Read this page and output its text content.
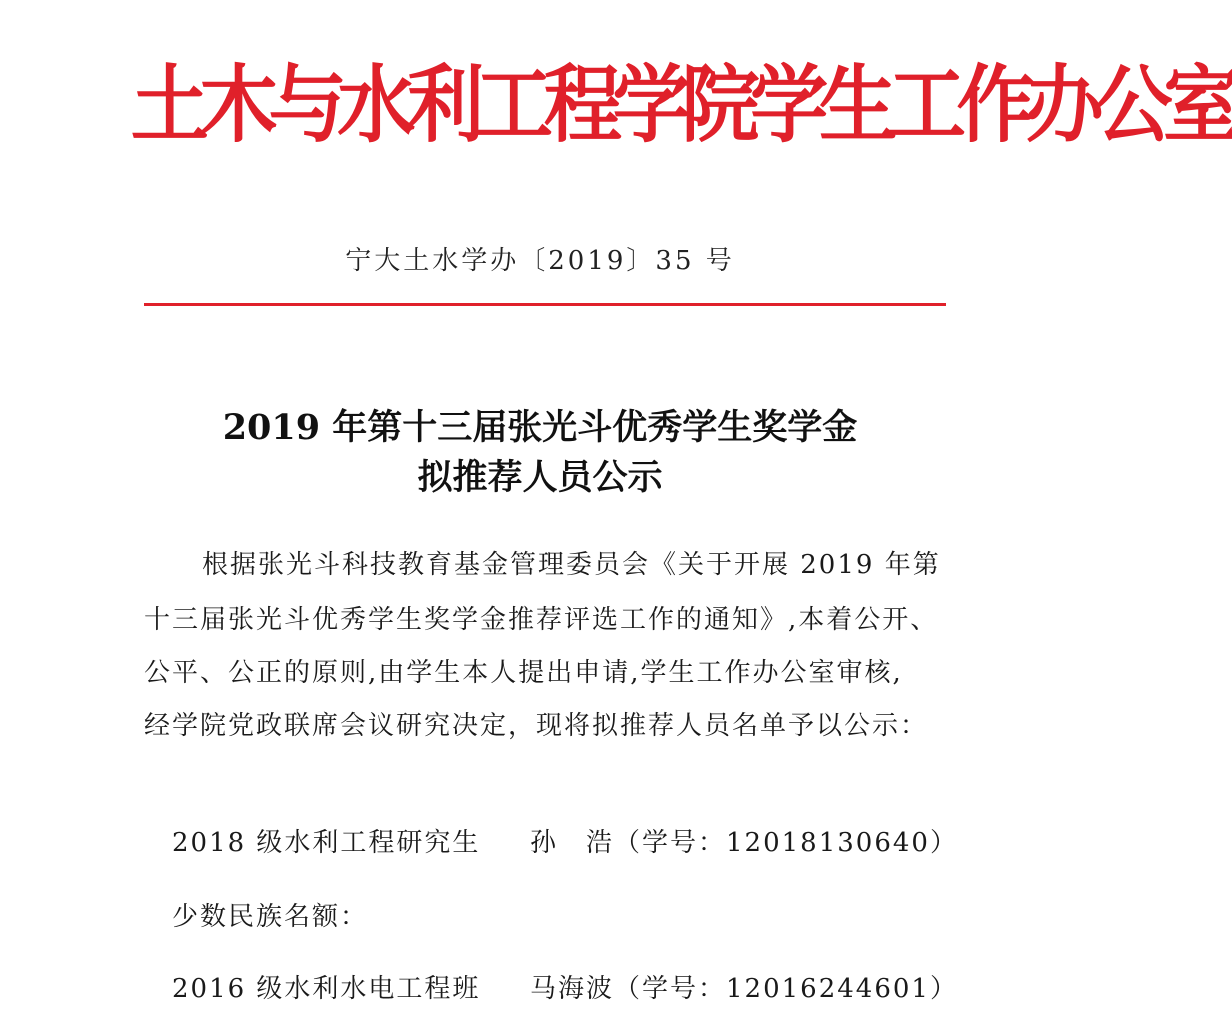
土木与水利工程学院学生工作办公室
宁大土水学办〔2019〕35 号
2019 年第十三届张光斗优秀学生奖学金
拟推荐人员公示
根据张光斗科技教育基金管理委员会《关于开展 2019 年第
十三届张光斗优秀学生奖学金推荐评选工作的通知》,本着公开、
公平、公正的原则,由学生本人提出申请,学生工作办公室审核,
经学院党政联席会议研究决定，现将拟推荐人员名单予以公示：
2018 级水利工程研究生 孙　浩（学号：12018130640）
少数民族名额：
2016 级水利水电工程班 马海波（学号：12016244601）
